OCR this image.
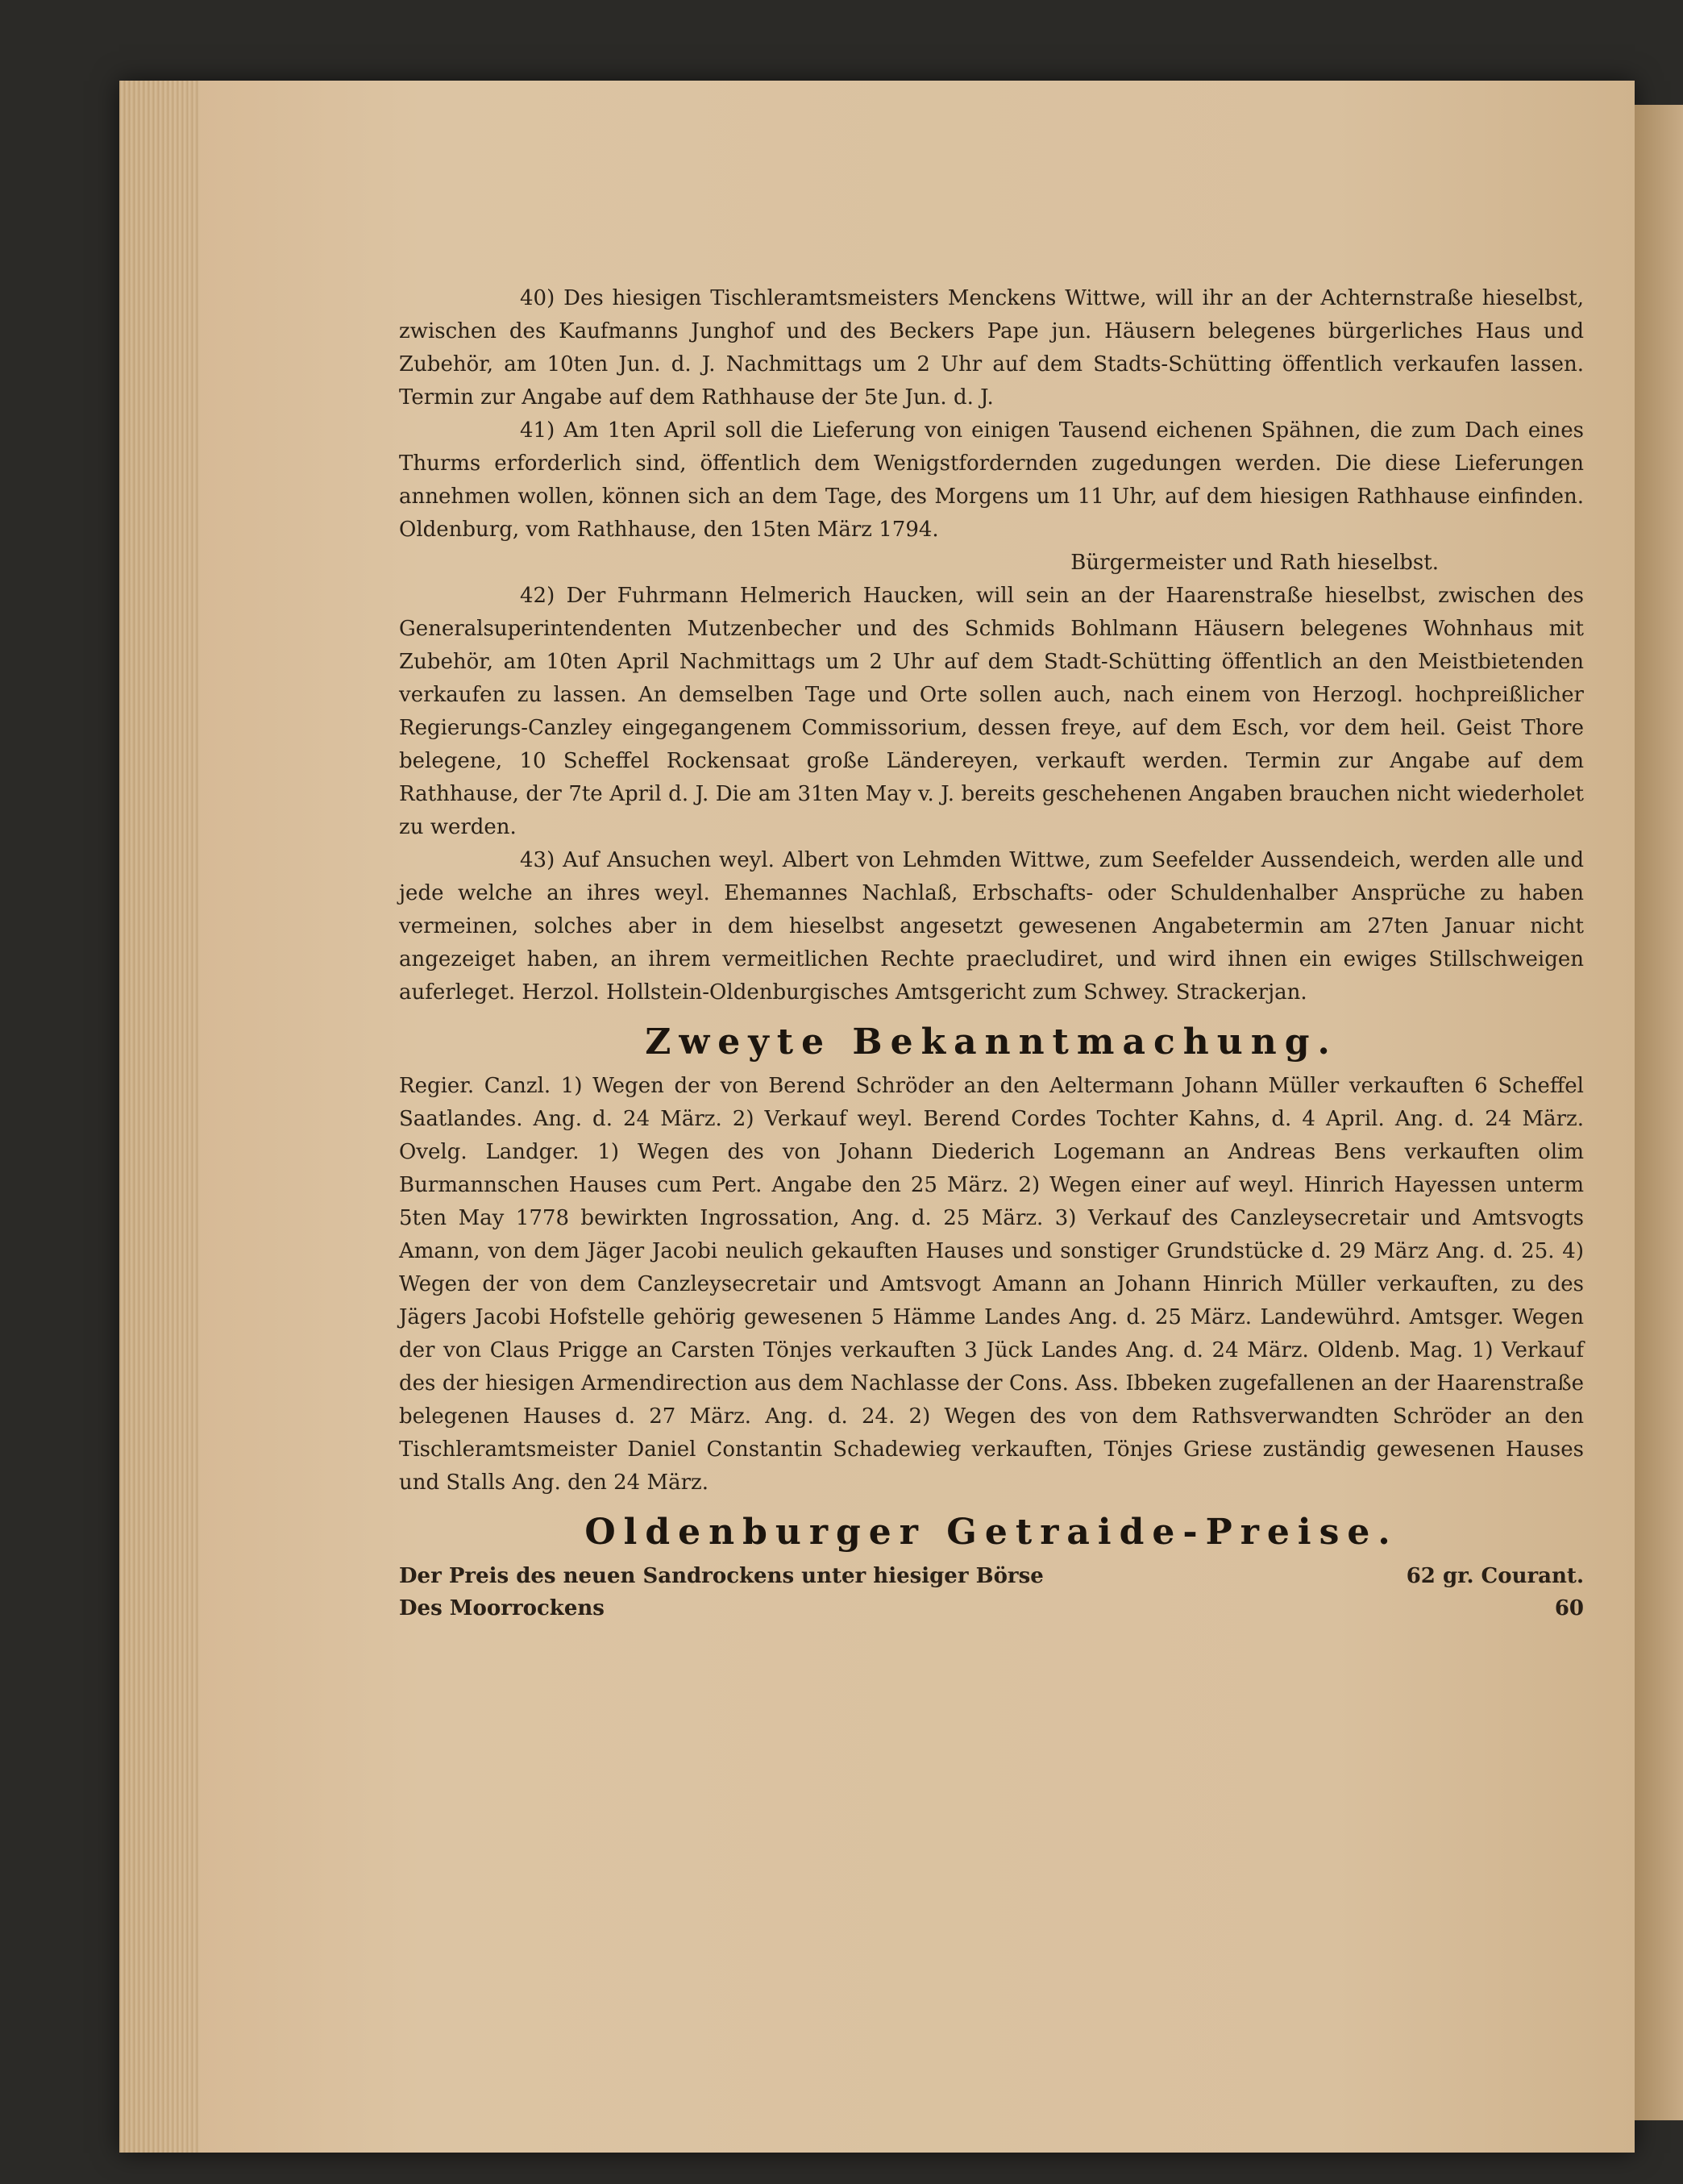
40) Des hiesigen Tischleramtsmeisters Menckens Wittwe, will ihr an der Achternstraße hieselbst, zwischen des Kaufmanns Junghof und des Beckers Pape jun. Häusern belegenes bürgerliches Haus und Zubehör, am 10ten Jun. d. J. Nachmittags um 2 Uhr auf dem Stadts-Schütting öffentlich verkaufen lassen. Termin zur Angabe auf dem Rathhause der 5te Jun. d. J.

41) Am 1ten April soll die Lieferung von einigen Tausend eichenen Spähnen, die zum Dach eines Thurms erforderlich sind, öffentlich dem Wenigstfordernden zugedungen werden. Die diese Lieferungen annehmen wollen, können sich an dem Tage, des Morgens um 11 Uhr, auf dem hiesigen Rathhause einfinden. Oldenburg, vom Rathhause, den 15ten März 1794.

Bürgermeister und Rath hieselbst.

42) Der Fuhrmann Helmerich Haucken, will sein an der Haarenstraße hieselbst, zwischen des Generalsuperintendenten Mutzenbecher und des Schmids Bohlmann Häusern belegenes Wohnhaus mit Zubehör, am 10ten April Nachmittags um 2 Uhr auf dem Stadt-Schütting öffentlich an den Meistbietenden verkaufen zu lassen. An demselben Tage und Orte sollen auch, nach einem von Herzogl. hochpreißlicher Regierungs-Canzley eingegangenem Commissorium, dessen freye, auf dem Esch, vor dem heil. Geist Thore belegene, 10 Scheffel Rockensaat große Ländereyen, verkauft werden. Termin zur Angabe auf dem Rathhause, der 7te April d. J. Die am 31ten May v. J. bereits geschehenen Angaben brauchen nicht wiederholet zu werden.

43) Auf Ansuchen weyl. Albert von Lehmden Wittwe, zum Seefelder Aussendeich, werden alle und jede welche an ihres weyl. Ehemannes Nachlaß, Erbschafts- oder Schuldenhalber Ansprüche zu haben vermeinen, solches aber in dem hieselbst angesetzt gewesenen Angabetermin am 27ten Januar nicht angezeiget haben, an ihrem vermeitlichen Rechte praecludiret, und wird ihnen ein ewiges Stillschweigen auferleget. Herzol. Hollstein-Oldenburgisches Amtsgericht zum Schwey. Strackerjan.

Zweyte Bekanntmachung.

Regier. Canzl. 1) Wegen der von Berend Schröder an den Aeltermann Johann Müller verkauften 6 Scheffel Saatlandes. Ang. d. 24 März. 2) Verkauf weyl. Berend Cordes Tochter Kahns, d. 4 April. Ang. d. 24 März. Ovelg. Landger. 1) Wegen des von Johann Diederich Logemann an Andreas Bens verkauften olim Burmannschen Hauses cum Pert. Angabe den 25 März. 2) Wegen einer auf weyl. Hinrich Hayessen unterm 5ten May 1778 bewirkten Ingrossation, Ang. d. 25 März. 3) Verkauf des Canzleysecretair und Amtsvogts Amann, von dem Jäger Jacobi neulich gekauften Hauses und sonstiger Grundstücke d. 29 März Ang. d. 25. 4) Wegen der von dem Canzleysecretair und Amtsvogt Amann an Johann Hinrich Müller verkauften, zu des Jägers Jacobi Hofstelle gehörig gewesenen 5 Hämme Landes Ang. d. 25 März. Landewührd. Amtsger. Wegen der von Claus Prigge an Carsten Tönjes verkauften 3 Jück Landes Ang. d. 24 März. Oldenb. Mag. 1) Verkauf des der hiesigen Armendirection aus dem Nachlasse der Cons. Ass. Ibbeken zugefallenen an der Haarenstraße belegenen Hauses d. 27 März. Ang. d. 24. 2) Wegen des von dem Rathsverwandten Schröder an den Tischleramtsmeister Daniel Constantin Schadewieg verkauften, Tönjes Griese zuständig gewesenen Hauses und Stalls Ang. den 24 März.

Oldenburger Getraide-Preise.
Der Preis des neuen Sandrockens unter hiesiger Börse	62 gr. Courant.
Des Moorrockens	60
